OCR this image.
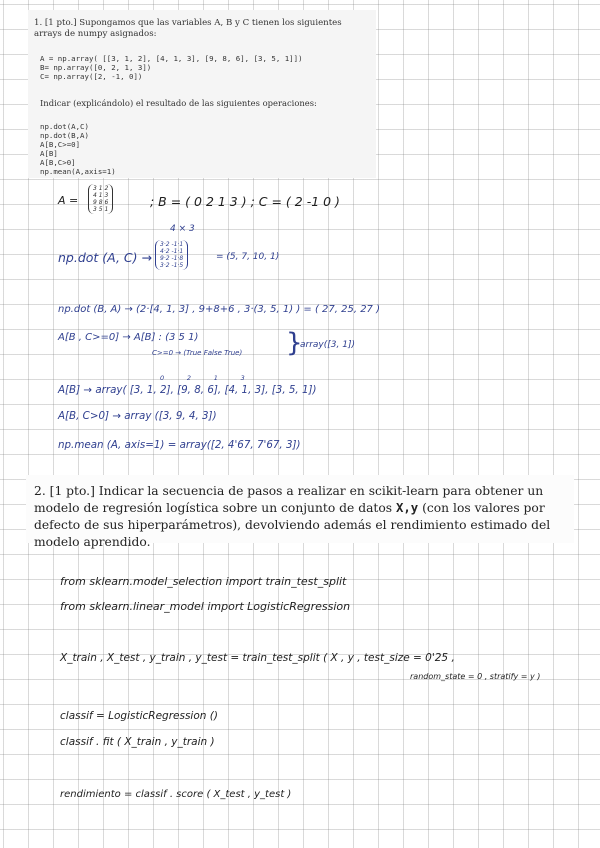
1. [1 pto.] Supongamos que las variables A, B y C tienen los siguientes arrays de numpy asignados:
A = np.array( [[3, 1, 2], [4, 1, 3], [9, 8, 6], [3, 5, 1]])
B= np.array([0, 2, 1, 3])
C= np.array([2, -1, 0])
Indicar (explicándolo) el resultado de las siguientes operaciones:
np.dot(A,C)
np.dot(B,A)
A[B,C>=0]
A[B]
A[B,C>0]
np.mean(A,axis=1)
A =
3 1 2
4 1 3
9 8 6
3 5 1
; B = ( 0 2 1 3 ) ; C = ( 2 -1 0 )
4 × 3
np.dot (A, C) →
3·2 -1·1
4·2 -1·1
9·2 -1·8
3·2 -1·5
= (5, 7, 10, 1)
np.dot (B, A) → (2·[4, 1, 3] , 9+8+6 , 3·(3, 5, 1) ) = ( 27, 25, 27 )
A[B , C>=0] → A[B] : (3 5 1)
C>=0 → (True False True) }
array([3, 1])
0           2           1           3
A[B] → array( [3, 1, 2], [9, 8, 6], [4, 1, 3], [3, 5, 1])
A[B, C>0] → array ([3, 9, 4, 3])
np.mean (A, axis=1) = array([2, 4'67, 7'67, 3])
2. [1 pto.] Indicar la secuencia de pasos a realizar en scikit-learn para obtener un modelo de regresión logística sobre un conjunto de datos X,y (con los valores por defecto de sus hiperparámetros), devolviendo además el rendimiento estimado del modelo aprendido.
from sklearn.model_selection import train_test_split
from sklearn.linear_model import LogisticRegression
X_train , X_test , y_train , y_test = train_test_split ( X , y , test_size = 0'25 ,
random_state = 0 , stratify = y )
classif = LogisticRegression ()
classif . fit ( X_train , y_train )
rendimiento = classif . score ( X_test , y_test )
